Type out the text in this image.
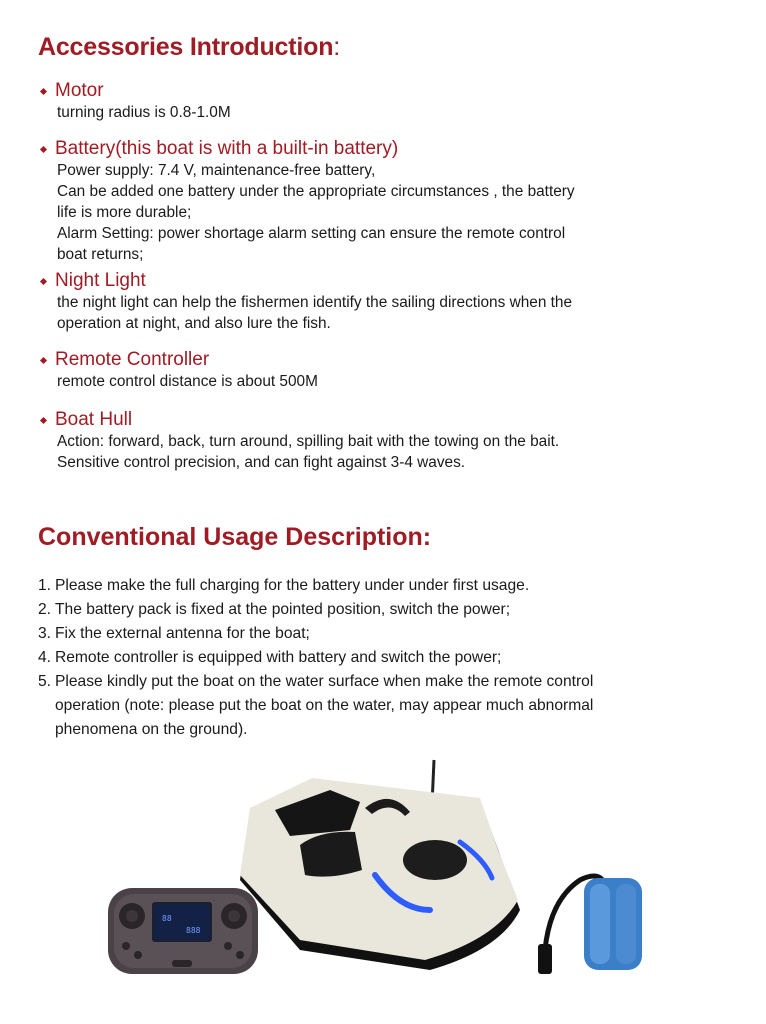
Accessories Introduction:
Motor
turning radius is 0.8-1.0M
Battery(this boat is with a built-in battery)
Power supply: 7.4 V, maintenance-free battery,
Can be added one battery under the appropriate circumstances , the battery
life is more durable;
Alarm Setting: power shortage alarm setting can ensure the remote control
boat returns;
Night Light
the night light can help the fishermen identify the sailing directions when the
operation at night, and also lure the fish.
Remote Controller
remote control distance is about 500M
Boat Hull
Action: forward, back, turn around, spilling bait with the towing on the bait.
Sensitive control precision, and can fight against 3-4 waves.
Conventional Usage Description:
1. Please make the full charging for the battery under under first usage.
2. The battery pack is fixed at the pointed position, switch the power;
3. Fix the external antenna for the boat;
4. Remote controller is equipped with battery and switch the power;
5. Please kindly put the boat on the water surface when make the remote control
operation (note: please put the boat on the water, may appear much abnormal
phenomena on the ground).
88
888
